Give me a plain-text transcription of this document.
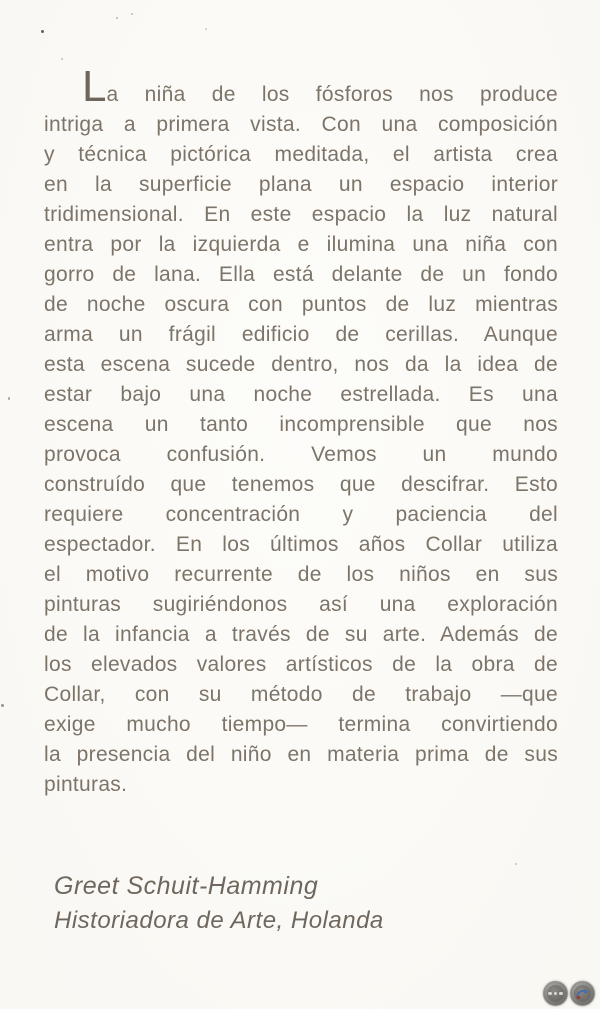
La niña de los fósforos nos produce
intriga a primera vista. Con una composición
y técnica pictórica meditada, el artista crea
en la superficie plana un espacio interior
tridimensional. En este espacio la luz natural
entra por la izquierda e ilumina una niña con
gorro de lana. Ella está delante de un fondo
de noche oscura con puntos de luz mientras
arma un frágil edificio de cerillas. Aunque
esta escena sucede dentro, nos da la idea de
estar bajo una noche estrellada. Es una
escena un tanto incomprensible que nos
provoca confusión. Vemos un mundo
construído que tenemos que descifrar. Esto
requiere concentración y paciencia del
espectador. En los últimos años Collar utiliza
el motivo recurrente de los niños en sus
pinturas sugiriéndonos así una exploración
de la infancia a través de su arte. Además de
los elevados valores artísticos de la obra de
Collar, con su método de trabajo —que
exige mucho tiempo— termina convirtiendo
la presencia del niño en materia prima de sus
pinturas.
Greet Schuit-Hamming
Historiadora de Arte, Holanda
